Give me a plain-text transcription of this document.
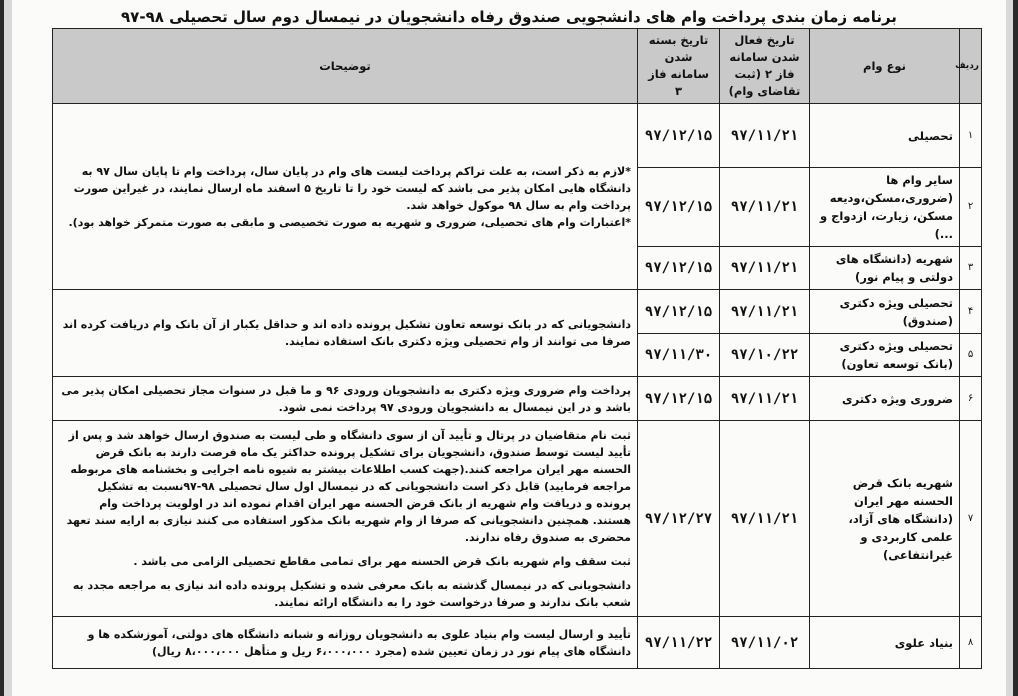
برنامه زمان بندی پرداخت وام های دانشجویی صندوق رفاه دانشجویان در نیمسال دوم سال تحصیلی ۹۸-۹۷
ردیف	نوع وام	تاریخ فعال شدن سامانه فاز ۲ (ثبت تقاضای وام)	تاریخ بسته شدن سامانه فاز ۳	توضیحات
۱	تحصیلی	۹۷/۱۱/۲۱	۹۷/۱۲/۱۵	*لازم به ذکر است، به علت تراکم پرداخت لیست های وام در پایان سال، پرداخت وام تا پایان سال ۹۷ به دانشگاه هایی امکان پذیر می باشد که لیست خود را تا تاریخ ۵ اسفند ماه ارسال نمایند، در غیراین صورت پرداخت وام به سال ۹۸ موکول خواهد شد.

*اعتبارات وام های تحصیلی، ضروری و شهریه به صورت تخصیصی و مابقی به صورت متمرکز خواهد بود).

۲	سایر وام ها (ضروری،مسکن،ودیعه مسکن، زیارت، ازدواج و ...)	۹۷/۱۱/۲۱	۹۷/۱۲/۱۵	
۳	شهریه (دانشگاه های دولتی و پیام نور)	۹۷/۱۱/۲۱	۹۷/۱۲/۱۵	
۴	تحصیلی ویژه دکتری (صندوق)	۹۷/۱۱/۲۱	۹۷/۱۲/۱۵	دانشجویانی که در بانک توسعه تعاون تشکیل پرونده داده اند و حداقل یکبار از آن بانک وام دریافت کرده اند صرفا می توانند از وام تحصیلی ویژه دکتری بانک استفاده نمایند.

۵	تحصیلی ویژه دکتری (بانک توسعه تعاون)	۹۷/۱۰/۲۲	۹۷/۱۱/۳۰	
۶	ضروری ویژه دکتری	۹۷/۱۱/۲۱	۹۷/۱۲/۱۵	پرداخت وام ضروری ویژه دکتری به دانشجویان ورودی ۹۶ و ما قبل در سنوات مجاز تحصیلی امکان پذیر می باشد و در این نیمسال به دانشجویان ورودی ۹۷ پرداخت نمی شود.
۷	شهریه بانک قرض الحسنه مهر ایران (دانشگاه های آزاد، علمی کاربردی و غیرانتفاعی)	۹۷/۱۱/۲۱	۹۷/۱۲/۲۷	ثبت نام متقاضیان در پرتال و تأیید آن از سوی دانشگاه و طی لیست به صندوق ارسال خواهد شد و پس از تأیید لیست توسط صندوق، دانشجویان برای تشکیل پرونده حداکثر یک ماه فرصت دارند به بانک قرض الحسنه مهر ایران مراجعه کنند.(جهت کسب اطلاعات بیشتر به شیوه نامه اجرایی و بخشنامه های مربوطه مراجعه فرمایید) قابل ذکر است دانشجویانی که در نیمسال اول سال تحصیلی ۹۸-۹۷نسبت به تشکیل پرونده و دریافت وام شهریه از بانک قرض الحسنه مهر ایران اقدام نموده اند در اولویت پرداخت وام هستند. همچنین دانشجویانی که صرفا از وام شهریه بانک مذکور استفاده می کنند نیازی به ارایه سند تعهد محضری به صندوق رفاه ندارند.

ثبت سقف وام شهریه بانک قرض الحسنه مهر برای تمامی مقاطع تحصیلی الزامی می باشد .

دانشجویانی که در نیمسال گذشته به بانک معرفی شده و تشکیل پرونده داده اند نیازی به مراجعه مجدد به شعب بانک ندارند و صرفا درخواست خود را به دانشگاه ارائه نمایند.

۸	بنیاد علوی	۹۷/۱۱/۰۲	۹۷/۱۱/۲۲	تأیید و ارسال لیست وام بنیاد علوی به دانشجویان روزانه و شبانه دانشگاه های دولتی، آموزشکده ها و دانشگاه های پیام نور در زمان تعیین شده (مجرد ۶،۰۰۰،۰۰۰ ریل و متأهل ۸،۰۰۰،۰۰۰ ریال)
